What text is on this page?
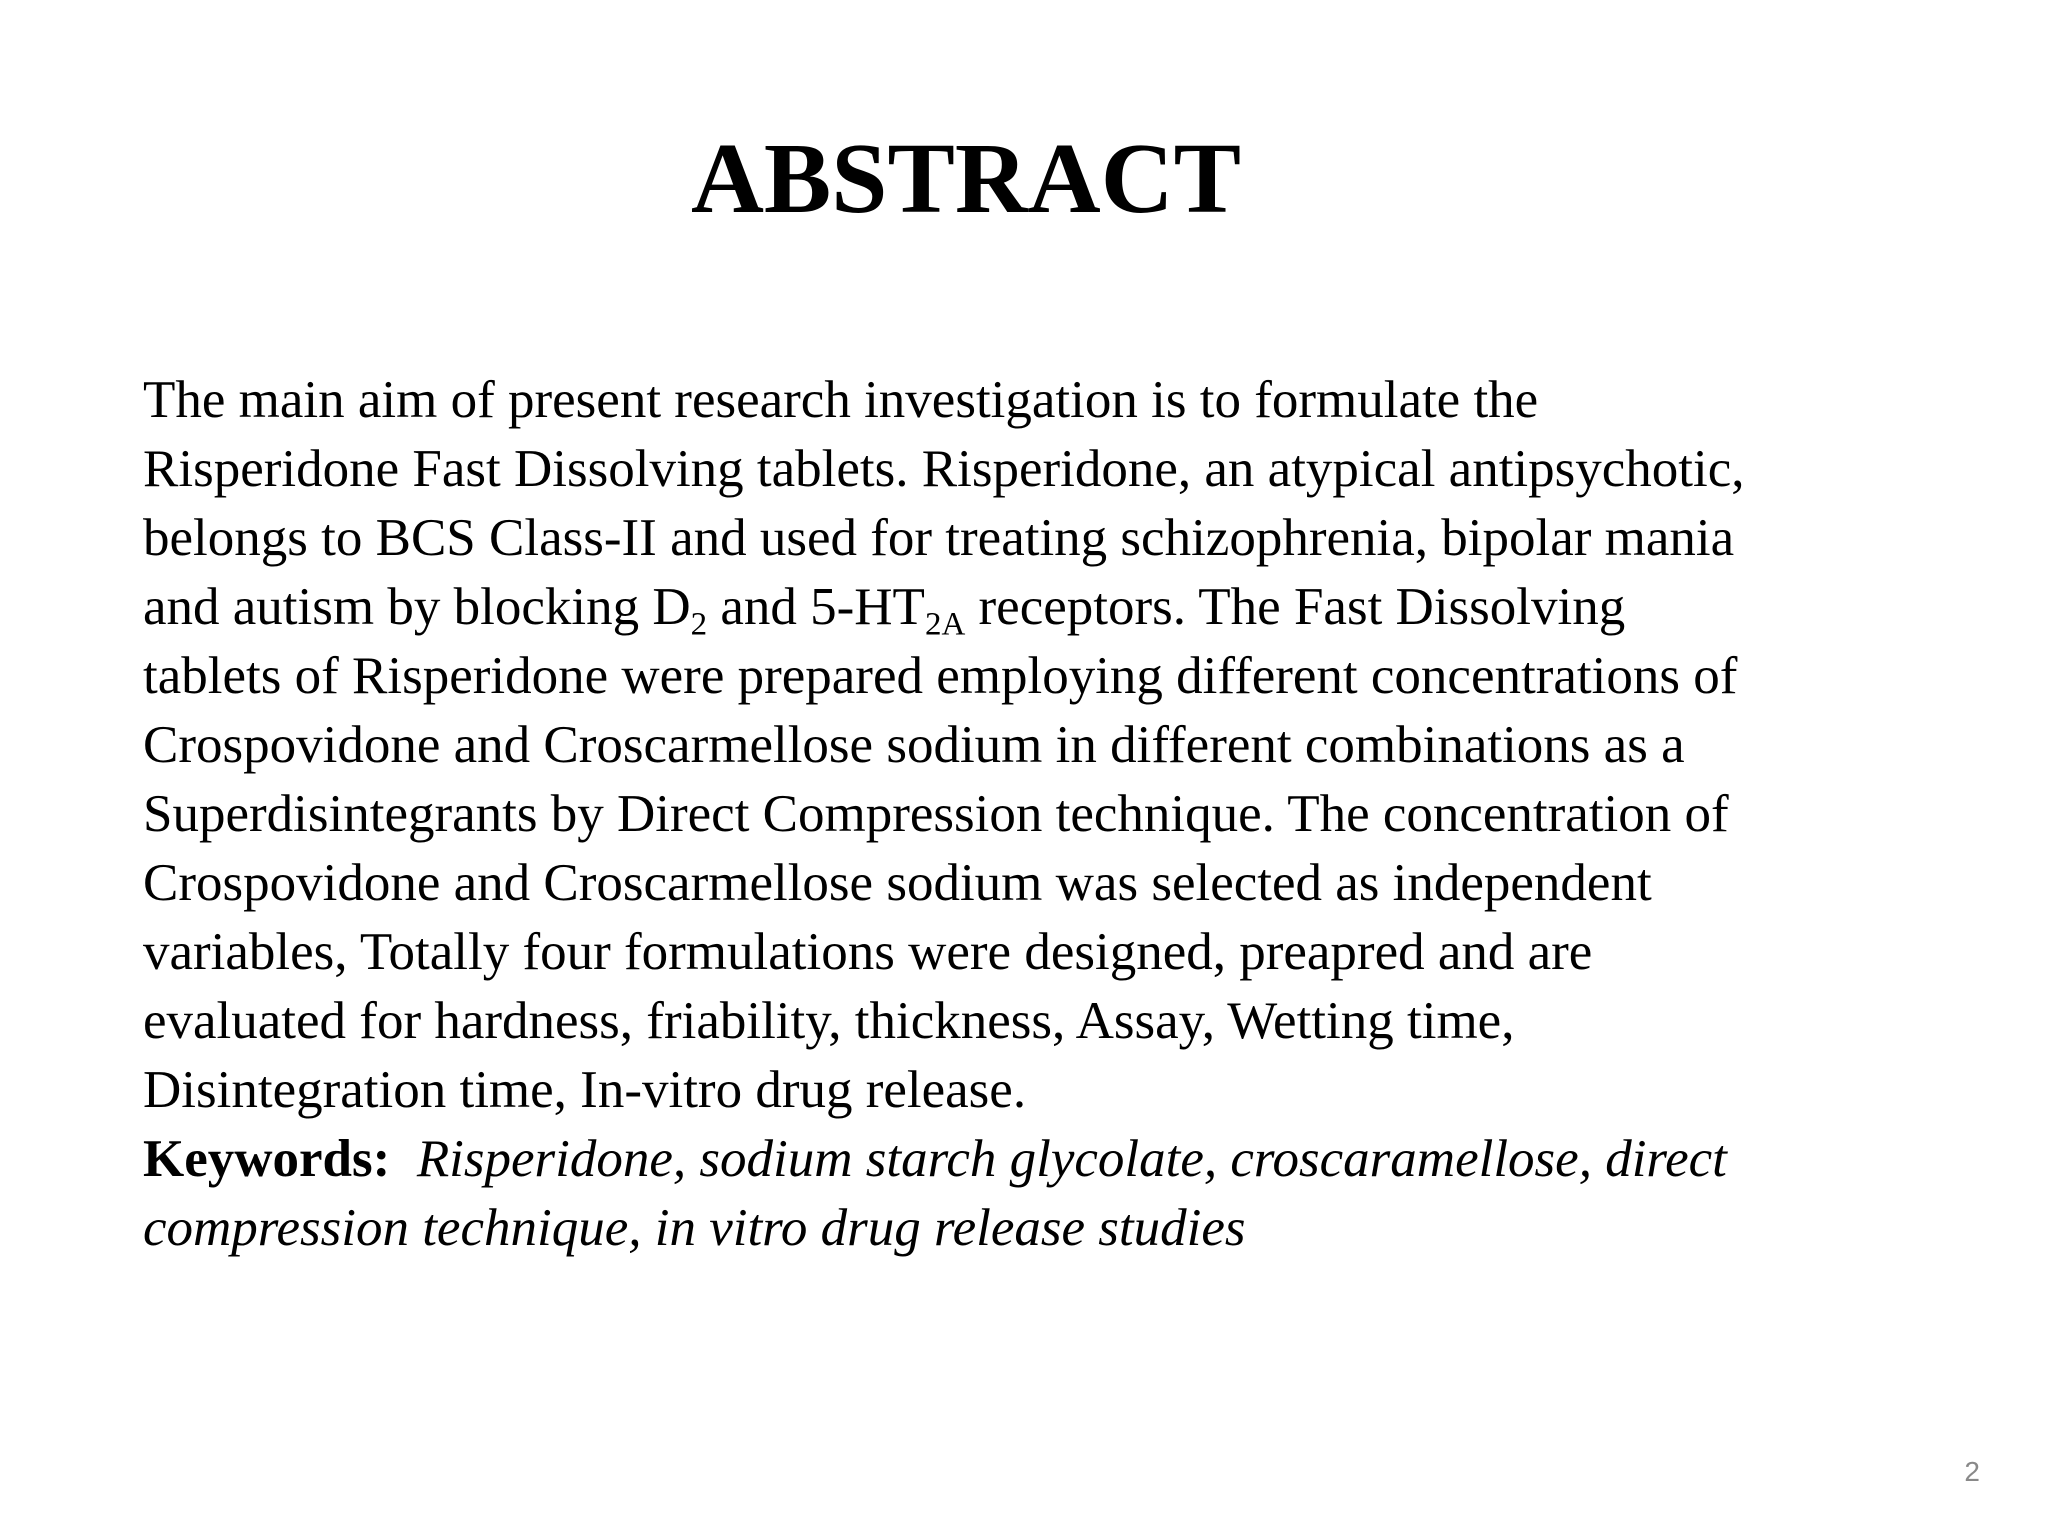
ABSTRACT
The main aim of present research investigation is to formulate the
Risperidone Fast Dissolving tablets. Risperidone, an atypical antipsychotic,
belongs to BCS Class-II and used for treating schizophrenia, bipolar mania
and autism by blocking $D_2$ and $5-HT_{2A}$ receptors. The Fast Dissolving
tablets of Risperidone were prepared employing different concentrations of
Crospovidone and Croscarmellose sodium in different combinations as a
Superdisintegrants by Direct Compression technique. The concentration of
Crospovidone and Croscarmellose sodium was selected as independent
variables, Totally four formulations were designed, preapred and are
evaluated for hardness, friability, thickness, Assay, Wetting time,
Disintegration time, In-vitro drug release.
Keywords: Risperidone, sodium starch glycolate, croscaramellose, direct
compression technique, in vitro drug release studies
2
